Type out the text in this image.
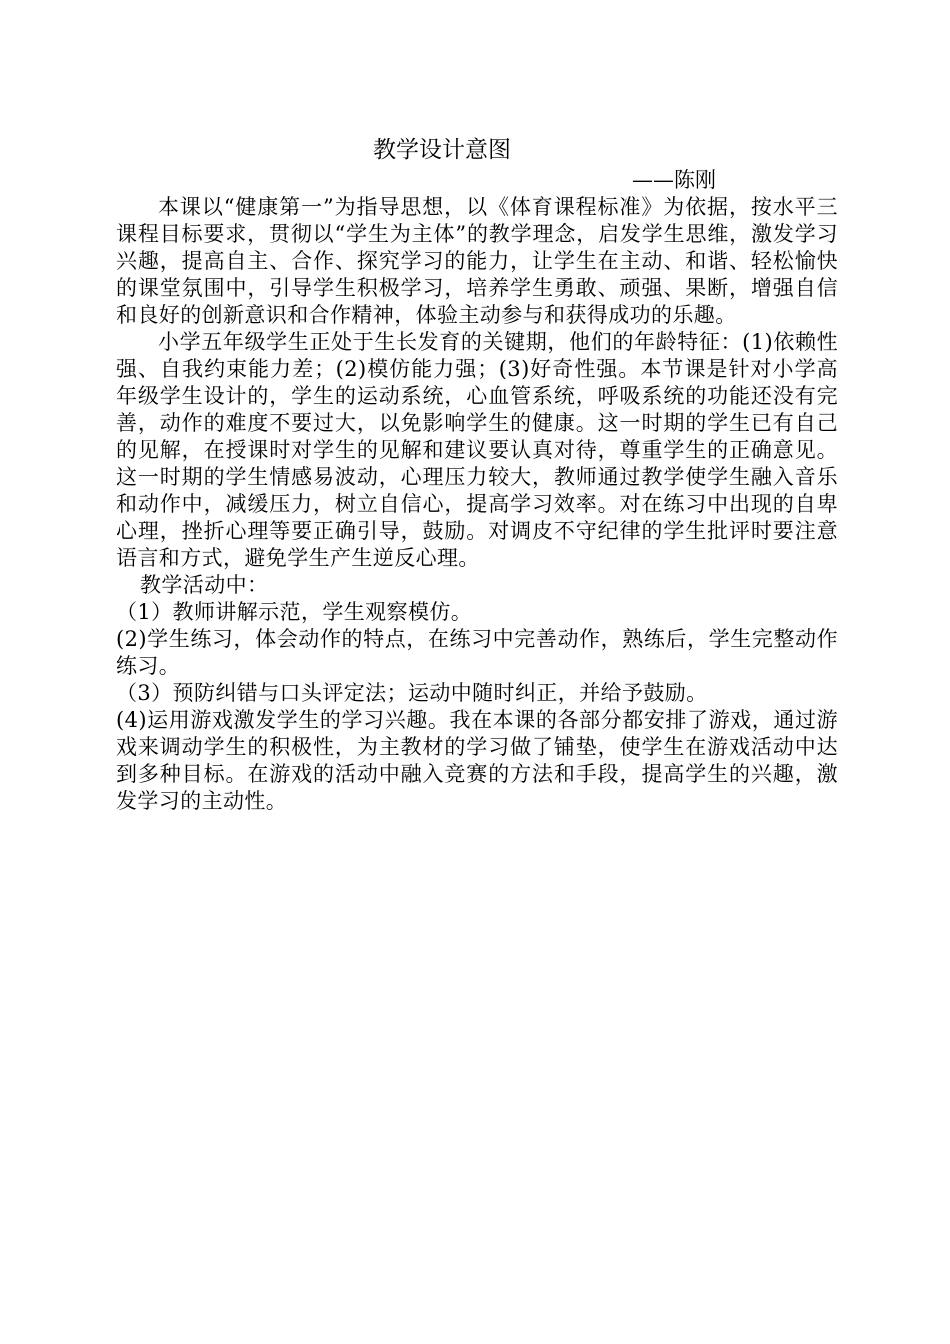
教学设计意图

——陈刚

本课以“健康第一”为指导思想，以《体育课程标准》为依据，按水平三课程目标要求，贯彻以“学生为主体”的教学理念，启发学生思维，激发学习兴趣，提高自主、合作、探究学习的能力，让学生在主动、和谐、轻松愉快的课堂氛围中，引导学生积极学习，培养学生勇敢、顽强、果断，增强自信和良好的创新意识和合作精神，体验主动参与和获得成功的乐趣。

小学五年级学生正处于生长发育的关键期，他们的年龄特征：(1)依赖性强、自我约束能力差；(2)模仿能力强；(3)好奇性强。本节课是针对小学高年级学生设计的，学生的运动系统，心血管系统，呼吸系统的功能还没有完善，动作的难度不要过大，以免影响学生的健康。这一时期的学生已有自己的见解，在授课时对学生的见解和建议要认真对待，尊重学生的正确意见。这一时期的学生情感易波动，心理压力较大，教师通过教学使学生融入音乐和动作中，减缓压力，树立自信心，提高学习效率。对在练习中出现的自卑心理，挫折心理等要正确引导，鼓励。对调皮不守纪律的学生批评时要注意语言和方式，避免学生产生逆反心理。

教学活动中：

（1）教师讲解示范，学生观察模仿。

(2)学生练习，体会动作的特点，在练习中完善动作，熟练后，学生完整动作练习。

（3）预防纠错与口头评定法；运动中随时纠正，并给予鼓励。

(4)运用游戏激发学生的学习兴趣。我在本课的各部分都安排了游戏，通过游戏来调动学生的积极性，为主教材的学习做了铺垫，使学生在游戏活动中达到多种目标。在游戏的活动中融入竞赛的方法和手段，提高学生的兴趣，激发学习的主动性。
